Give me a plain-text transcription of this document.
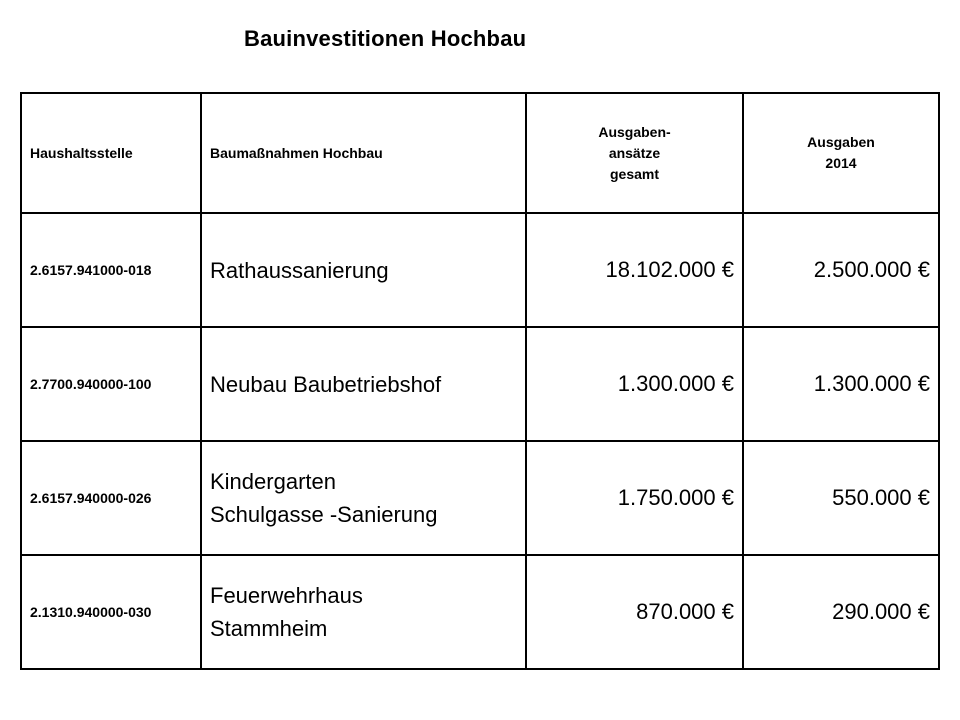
Bauinvestitionen Hochbau
Haushaltsstelle	Baumaßnahmen Hochbau	Ausgaben-
ansätze
gesamt	Ausgaben
2014
2.6157.941000-018	Rathaussanierung	18.102.000 €	2.500.000 €
2.7700.940000-100	Neubau Baubetriebshof	1.300.000 €	1.300.000 €
2.6157.940000-026	Kindergarten
Schulgasse -Sanierung	1.750.000 €	550.000 €
2.1310.940000-030	Feuerwehrhaus
Stammheim	870.000 €	290.000 €
